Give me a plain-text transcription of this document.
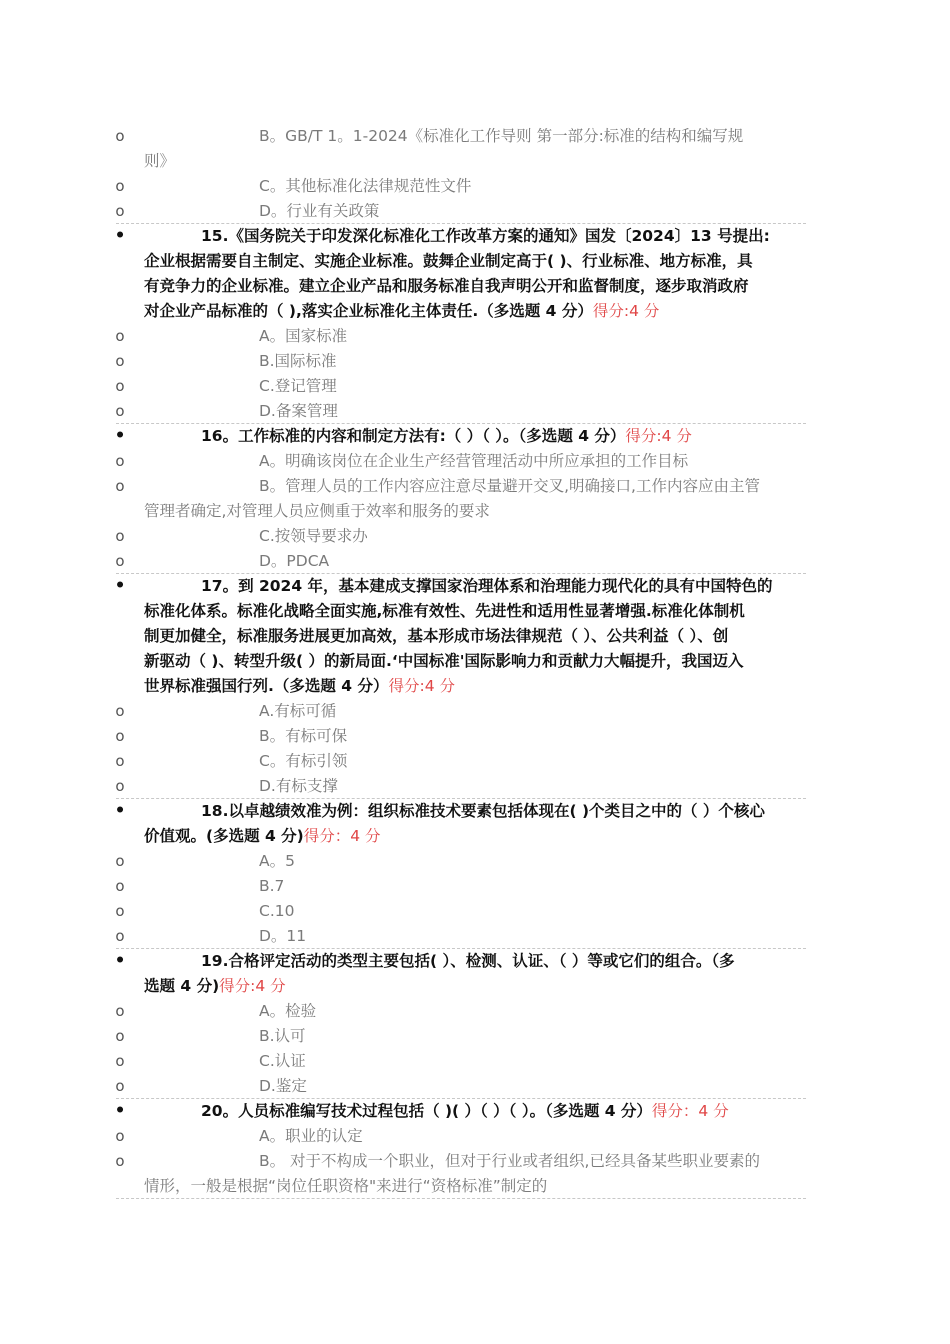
o	B。GB/T 1。1-2024《标准化工作导则 第一部分:标准的结构和编写规
则》
o	C。其他标准化法律规范性文件
o	D。行业有关政策
•	15.《国务院关于印发深化标准化工作改革方案的通知》国发〔2024〕13 号提出:
企业根据需要自主制定、实施企业标准。鼓舞企业制定高于( )、行业标准、地方标准，具
有竞争力的企业标准。建立企业产品和服务标准自我声明公开和监督制度，逐步取消政府
对企业产品标准的（ ),落实企业标准化主体责任.（多选题 4 分）得分:4 分
o	A。国家标准
o	B.国际标准
o	C.登记管理
o	D.备案管理
•	16。工作标准的内容和制定方法有:（ ）（ ）。（多选题 4 分）得分:4 分
o	A。明确该岗位在企业生产经营管理活动中所应承担的工作目标
o	B。管理人员的工作内容应注意尽量避开交叉,明确接口,工作内容应由主管
管理者确定,对管理人员应侧重于效率和服务的要求
o	C.按领导要求办
o	D。PDCA
•	17。到 2024 年，基本建成支撑国家治理体系和治理能力现代化的具有中国特色的
标准化体系。标准化战略全面实施,标准有效性、先进性和适用性显著增强.标准化体制机
制更加健全，标准服务进展更加高效，基本形成市场法律规范（ ）、公共利益（ ）、创
新驱动（ )、转型升级( ）的新局面.‘中国标准'国际影响力和贡献力大幅提升，我国迈入
世界标准强国行列.（多选题 4 分）得分:4 分
o	A.有标可循
o	B。有标可保
o	C。有标引领
o	D.有标支撑
•	18.以卓越绩效准为例：组织标准技术要素包括体现在( )个类目之中的（ ）个核心
价值观。(多选题 4 分)得分：4 分
o	A。5
o	B.7
o	C.10
o	D。11
•	19.合格评定活动的类型主要包括( ）、检测、认证、（ ）等或它们的组合。（多
选题 4 分)得分:4 分
o	A。检验
o	B.认可
o	C.认证
o	D.鉴定
•	20。人员标准编写技术过程包括（ )( ）（ ）（ ）。（多选题 4 分）得分：4 分
o	A。职业的认定
o	B。 对于不构成一个职业，但对于行业或者组织,已经具备某些职业要素的
情形，一般是根据“岗位任职资格"来进行“资格标准”制定的
